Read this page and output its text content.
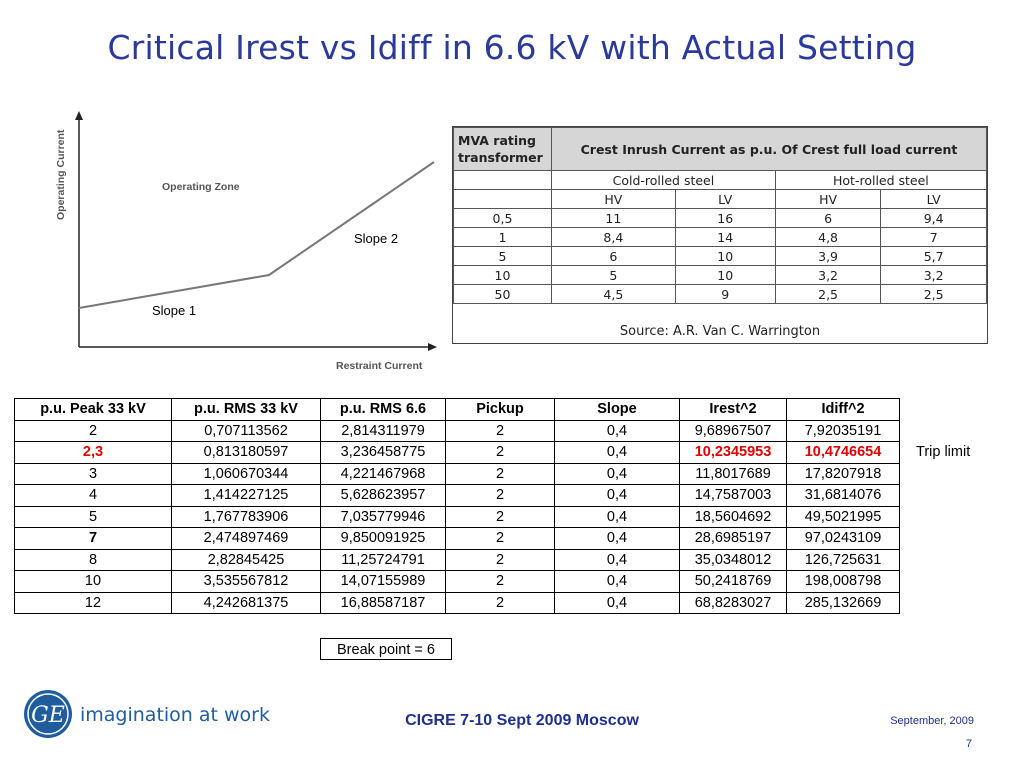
Critical Irest vs Idiff in 6.6 kV with Actual Setting
Operating Current
Restraint Current
Operating Zone
Slope 1
Slope 2
MVA rating
transformer	Crest Inrush Current as p.u. Of Crest full load current			
	Cold-rolled steel		Hot-rolled steel	
	HV	LV	HV	LV
0,5	11	16	6	9,4
1	8,4	14	4,8	7
5	6	10	3,9	5,7
10	5	10	3,2	3,2
50	4,5	9	2,5	2,5
Source: A.R. Van C. Warrington
p.u. Peak 33 kV	p.u. RMS 33 kV	p.u. RMS 6.6	Pickup	Slope	Irest^2	Idiff^2
2	0,707113562	2,814311979	2	0,4	9,68967507	7,92035191
2,3	0,813180597	3,236458775	2	0,4	10,2345953	10,4746654
3	1,060670344	4,221467968	2	0,4	11,8017689	17,8207918
4	1,414227125	5,628623957	2	0,4	14,7587003	31,6814076
5	1,767783906	7,035779946	2	0,4	18,5604692	49,5021995
7	2,474897469	9,850091925	2	0,4	28,6985197	97,0243109
8	2,82845425	11,25724791	2	0,4	35,0348012	126,725631
10	3,535567812	14,07155989	2	0,4	50,2418769	198,008798
12	4,242681375	16,88587187	2	0,4	68,8283027	285,132669
Trip limit
Break point = 6
GE imagination at work	CIGRE 7-10 Sept 2009 Moscow	September, 2009
7
